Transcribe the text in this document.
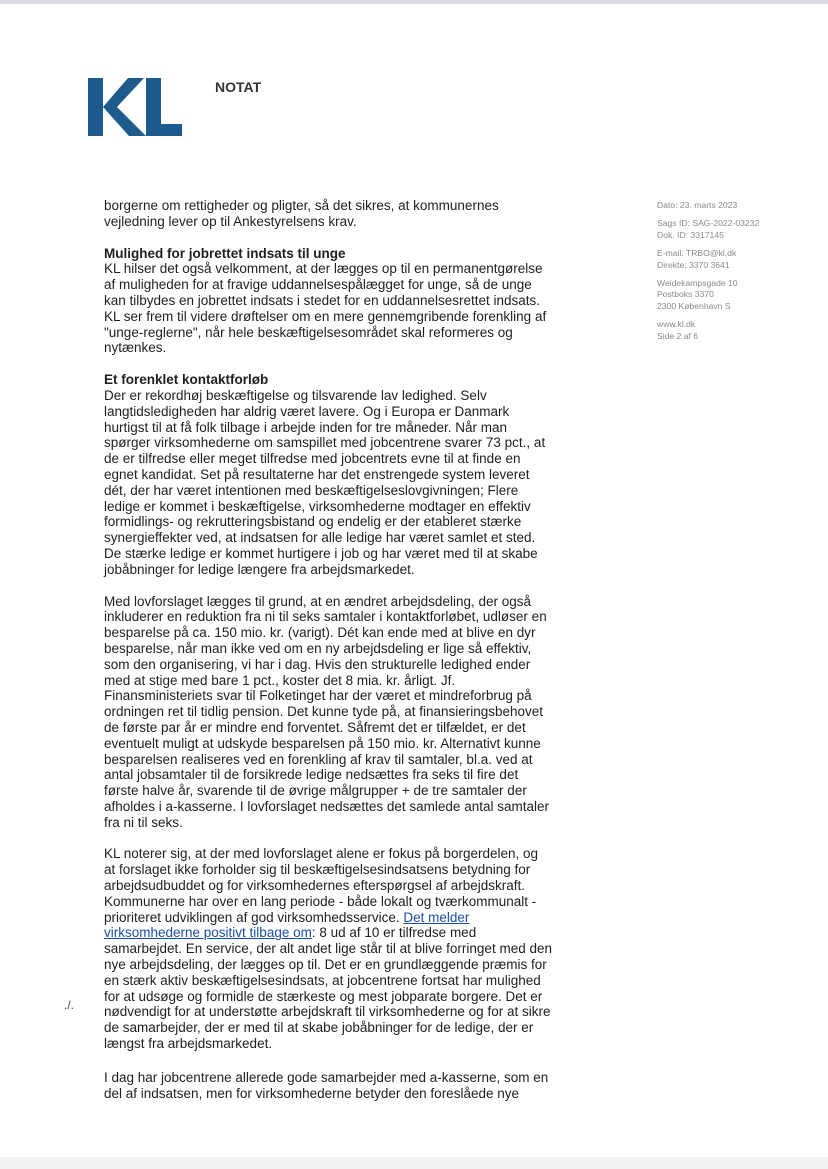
NOTAT
Dato: 23. marts 2023
Sags ID: SAG-2022-03232
Dok. ID: 3317145
E-mail: TRBO@kl.dk
Direkte: 3370 3641
Weidekampsgade 10
Postboks 3370
2300 København S
www.kl.dk
Side 2 af 6

borgerne om rettigheder og pligter, så det sikres, at kommunernes vejledning lever op til Ankestyrelsens krav.

Mulighed for jobrettet indsats til unge

KL hilser det også velkomment, at der lægges op til en permanentgørelse af muligheden for at fravige uddannelsespålægget for unge, så de unge kan tilbydes en jobrettet indsats i stedet for en uddannelsesrettet indsats. KL ser frem til videre drøftelser om en mere gennemgribende forenkling af "unge-reglerne", når hele beskæftigelsesområdet skal reformeres og nytænkes.

Et forenklet kontaktforløb

Der er rekordhøj beskæftigelse og tilsvarende lav ledighed. Selv langtidsledigheden har aldrig været lavere. Og i Europa er Danmark hurtigst til at få folk tilbage i arbejde inden for tre måneder. Når man spørger virksomhederne om samspillet med jobcentrene svarer 73 pct., at de er tilfredse eller meget tilfredse med jobcentrets evne til at finde en egnet kandidat. Set på resultaterne har det enstrengede system leveret dét, der har været intentionen med beskæftigelseslovgivningen; Flere ledige er kommet i beskæftigelse, virksomhederne modtager en effektiv formidlings- og rekrutteringsbistand og endelig er der etableret stærke synergieffekter ved, at indsatsen for alle ledige har været samlet et sted. De stærke ledige er kommet hurtigere i job og har været med til at skabe jobåbninger for ledige længere fra arbejdsmarkedet.

Med lovforslaget lægges til grund, at en ændret arbejdsdeling, der også inkluderer en reduktion fra ni til seks samtaler i kontaktforløbet, udløser en besparelse på ca. 150 mio. kr. (varigt). Dét kan ende med at blive en dyr besparelse, når man ikke ved om en ny arbejdsdeling er lige så effektiv, som den organisering, vi har i dag. Hvis den strukturelle ledighed ender med at stige med bare 1 pct., koster det 8 mia. kr. årligt. Jf. Finansministeriets svar til Folketinget har der været et mindreforbrug på ordningen ret til tidlig pension. Det kunne tyde på, at finansieringsbehovet de første par år er mindre end forventet. Såfremt det er tilfældet, er det eventuelt muligt at udskyde besparelsen på 150 mio. kr. Alternativt kunne besparelsen realiseres ved en forenkling af krav til samtaler, bl.a. ved at antal jobsamtaler til de forsikrede ledige nedsættes fra seks til fire det første halve år, svarende til de øvrige målgrupper + de tre samtaler der afholdes i a-kasserne. I lovforslaget nedsættes det samlede antal samtaler fra ni til seks.

KL noterer sig, at der med lovforslaget alene er fokus på borgerdelen, og at forslaget ikke forholder sig til beskæftigelsesindsatsens betydning for arbejdsudbuddet og for virksomhedernes efterspørgsel af arbejdskraft. Kommunerne har over en lang periode - både lokalt og tværkommunalt - prioriteret udviklingen af god virksomhedsservice. Det melder virksomhederne positivt tilbage om: 8 ud af 10 er tilfredse med samarbejdet. En service, der alt andet lige står til at blive forringet med den nye arbejdsdeling, der lægges op til. Det er en grundlæggende præmis for en stærk aktiv beskæftigelsesindsats, at jobcentrene fortsat har mulighed for at udsøge og formidle de stærkeste og mest jobparate borgere. Det er nødvendigt for at understøtte arbejdskraft til virksomhederne og for at sikre de samarbejder, der er med til at skabe jobåbninger for de ledige, der er længst fra arbejdsmarkedet.

I dag har jobcentrene allerede gode samarbejder med a-kasserne, som en del af indsatsen, men for virksomhederne betyder den foreslåede nye

./.
